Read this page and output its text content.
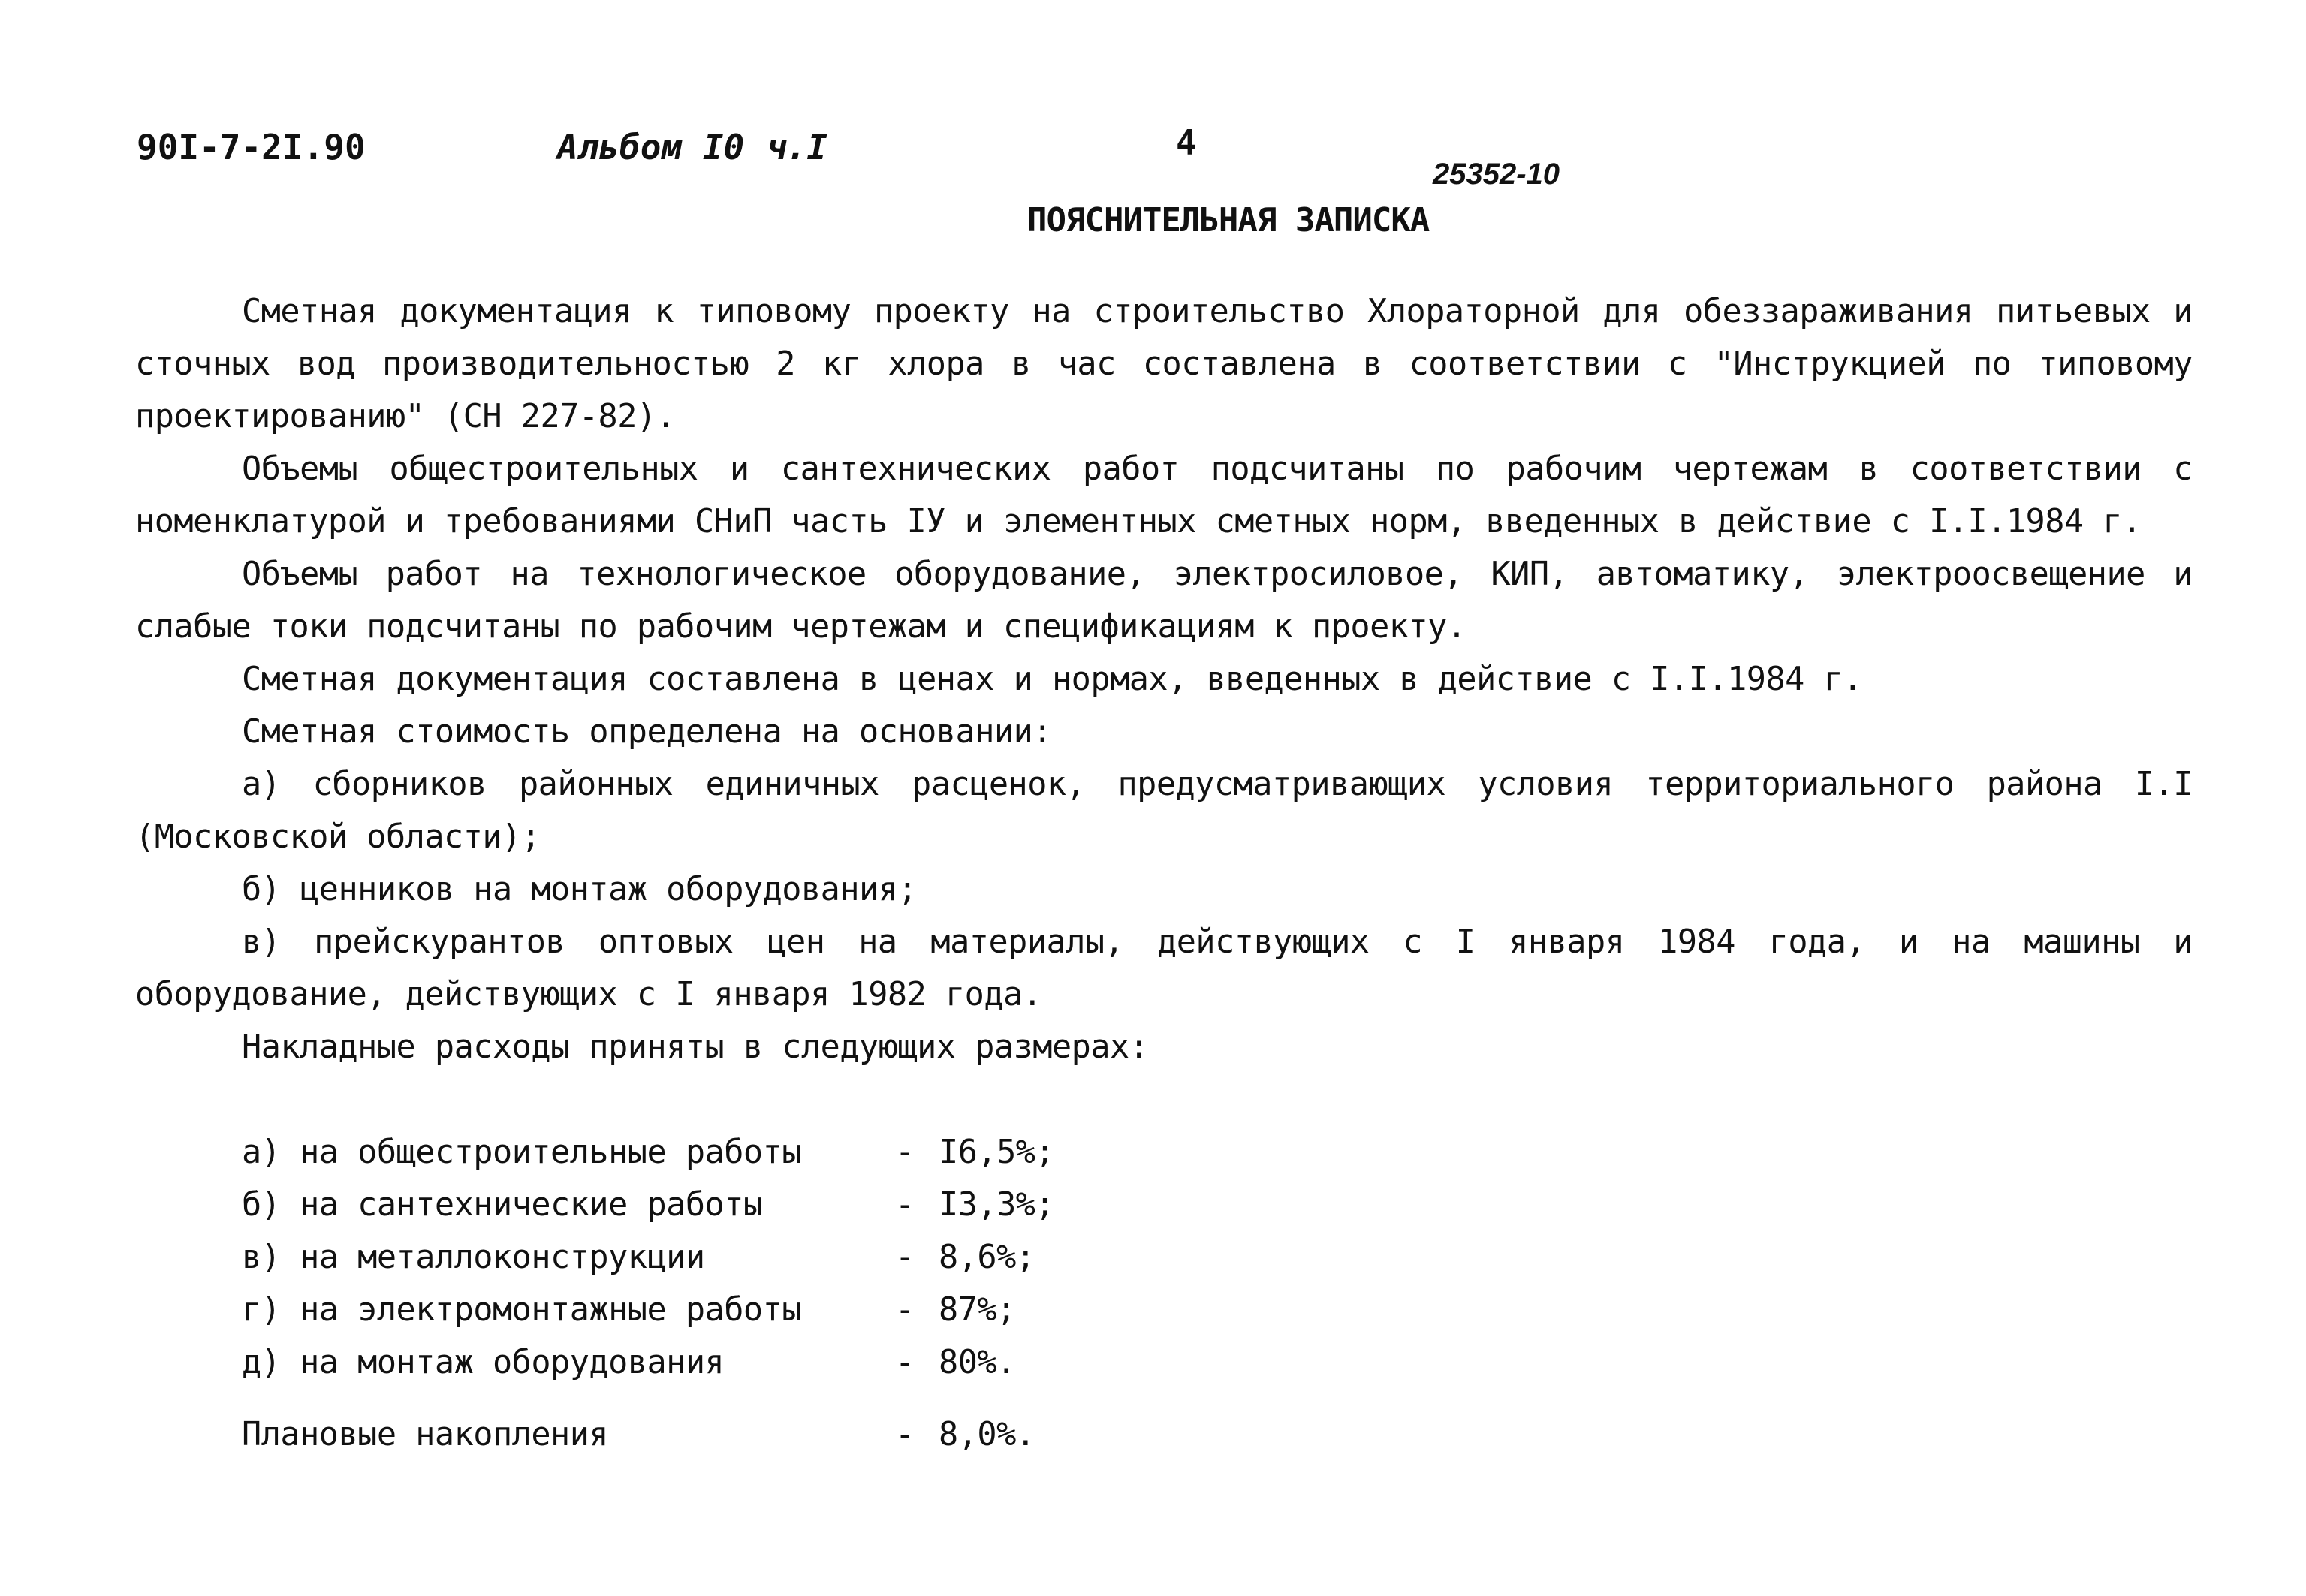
90I-7-2I.90	Альбом I0 ч.I	4
25352-10
ПОЯСНИТЕЛЬНАЯ ЗАПИСКА

Сметная документация к типовому проекту на строительство Хлораторной для обеззараживания питьевых и сточных вод производительностью 2 кг хлора в час составлена в соответствии с "Инструкцией по типовому проектированию" (СН 227-82).

Объемы общестроительных и сантехнических работ подсчитаны по рабочим чертежам в соответствии с номенклатурой и требованиями СНиП часть IУ и элементных сметных норм, введенных в действие с I.I.1984 г.

Объемы работ на технологическое оборудование, электросиловое, КИП, автоматику, электроосвещение и слабые токи подсчитаны по рабочим чертежам и спецификациям к проекту.

Сметная документация составлена в ценах и нормах, введенных в действие с I.I.1984 г.

Сметная стоимость определена на основании:

а) сборников районных единичных расценок, предусматривающих условия территориального района I.I (Московской области);

б) ценников на монтаж оборудования;

в) прейскурантов оптовых цен на материалы, действующих с I января 1984 года, и на машины и оборудование, действующих с I января 1982 года.

Накладные расходы приняты в следующих размерах:

а) на общестроительные работы	- I6,5%;
б) на сантехнические работы	- I3,3%;
в) на металлоконструкции	- 8,6%;
г) на электромонтажные работы	- 87%;
д) на монтаж оборудования	- 80%.
Плановые накопления	- 8,0%.
